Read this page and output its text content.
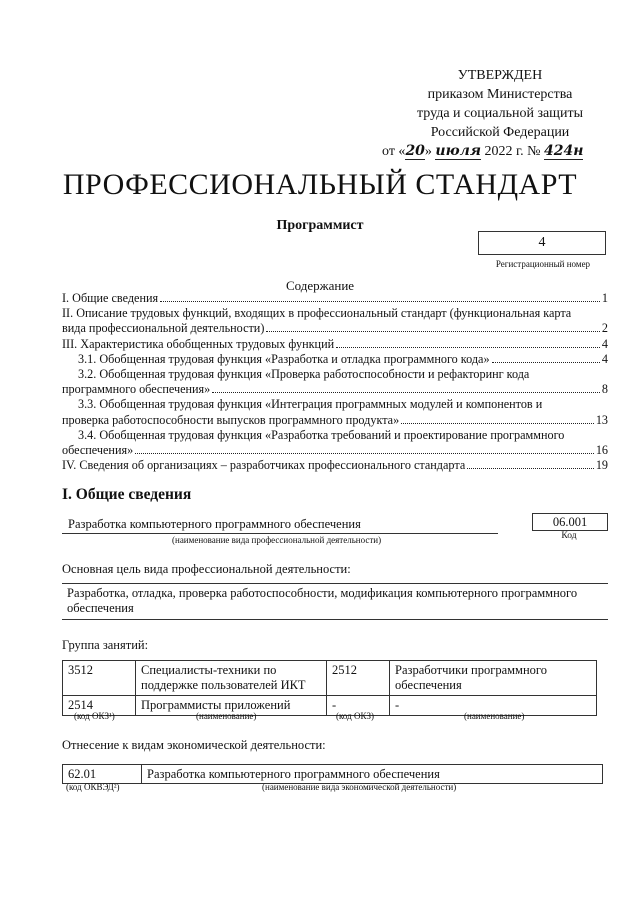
УТВЕРЖДЕН
приказом Министерства
труда и социальной защиты
Российской Федерации
от «20» июля 2022 г. № 424н
ПРОФЕССИОНАЛЬНЫЙ СТАНДАРТ
Программист
4
Регистрационный номер
Содержание
I. Общие сведения	1
II. Описание трудовых функций, входящих в профессиональный стандарт (функциональная карта
вида профессиональной деятельности)	2
III. Характеристика обобщенных трудовых функций	4
3.1. Обобщенная трудовая функция «Разработка и отладка программного кода»	4
3.2. Обобщенная трудовая функция «Проверка работоспособности и рефакторинг кода
программного обеспечения»	8
3.3. Обобщенная трудовая функция «Интеграция программных модулей и компонентов и
проверка работоспособности выпусков программного продукта»	13
3.4. Обобщенная трудовая функция «Разработка требований и проектирование программного
обеспечения»	16
IV. Сведения об организациях – разработчиках профессионального стандарта	19
I. Общие сведения
Разработка компьютерного программного обеспечения
(наименование вида профессиональной деятельности)
06.001
Код
Основная цель вида профессиональной деятельности:
Разработка, отладка, проверка работоспособности, модификация компьютерного программного обеспечения
Группа занятий:
3512	Специалисты-техники по поддержке пользователей ИКТ	2512	Разработчики программного обеспечения
2514	Программисты приложений	-	-
(код ОКЗ¹)	(наименование)	(код ОКЗ)	(наименование)
Отнесение к видам экономической деятельности:
62.01	Разработка компьютерного программного обеспечения
(код ОКВЭД²)	(наименование вида экономической деятельности)
